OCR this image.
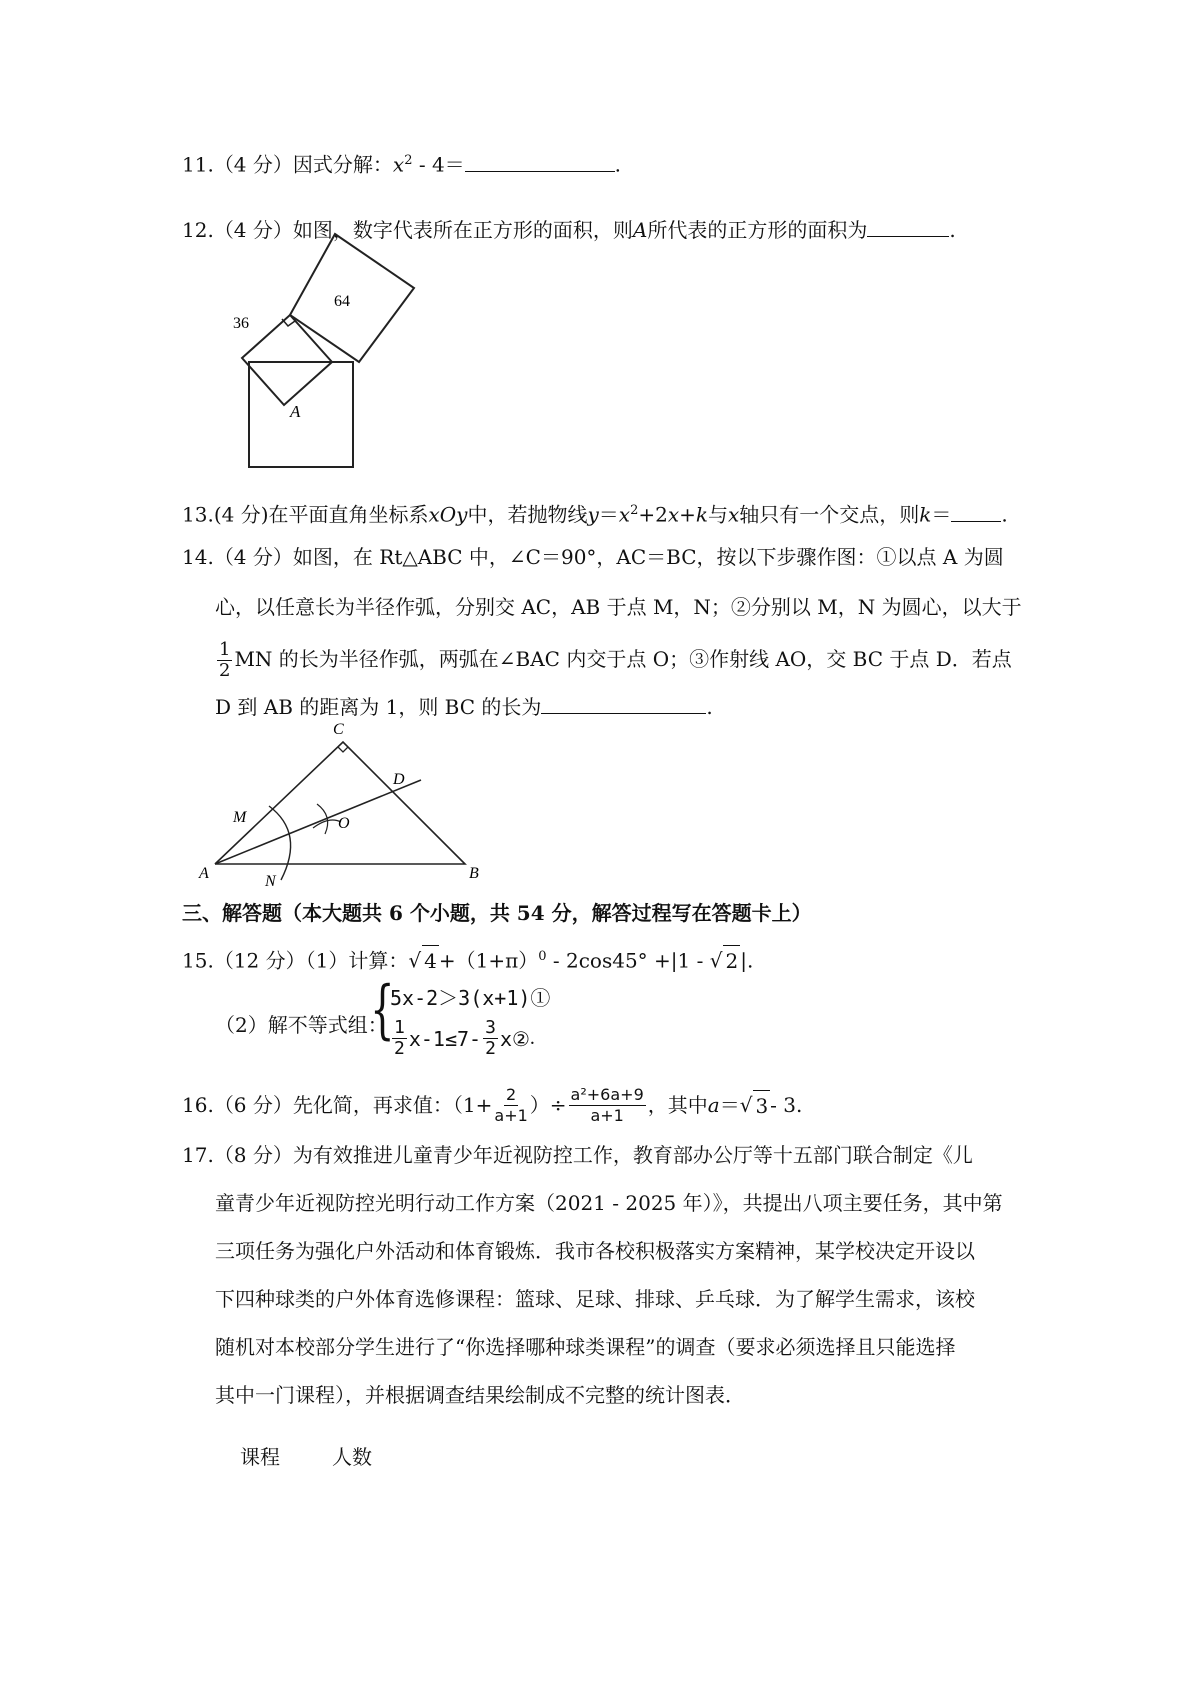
11.（4 分）因式分解：$x^2 - 4=$	.
12.（4 分）如图，数字代表所在正方形的面积，则A所代表的正方形的面积为	.
36
64
A
13.(4 分)在平面直角坐标系xOy中，若抛物线$y=x^2+2x+k$与x轴只有一个交点，则k＝	.
14.（4 分）如图，在 Rt△ABC 中，∠C＝90°，AC＝BC，按以下步骤作图：①以点 A 为圆
心，以任意长为半径作弧，分别交 AC，AB 于点 M，N；②分别以 M，N 为圆心，以大于
$\frac{1}{2}$ MN 的长为半径作弧，两弧在∠BAC 内交于点 O；③作射线 AO，交 BC 于点 D．若点
D 到 AB 的距离为 1，则 BC 的长为	.
C
D
M	O
A	N	B
三、解答题（本大题共 6 个小题，共 54 分，解答过程写在答题卡上）
15.（12 分）（1）计算：√ $4 +(1+\pi)^0 - 2\cos 45^\circ +|1$ - √ 2 |.
（2）解不等式组：
{
5x-2＞3(x+1)①
$\frac{1}{2} x-1\le 7- \frac{3}{2}$ x② .
16. （6 分） 先化简，再求值：（$1+ \frac{2}{a+1}$ ）÷ $\frac{\text{a²+6a+9}}{a+1}$ ，其中 a ＝ √ 3 - 3.
17.（8 分）为有效推进儿童青少年近视防控工作，教育部办公厅等十五部门联合制定《儿
童青少年近视防控光明行动工作方案（2021 - 2025 年）》，共提出八项主要任务，其中第
三项任务为强化户外活动和体育锻炼．我市各校积极落实方案精神，某学校决定开设以
下四种球类的户外体育选修课程：篮球、足球、排球、乒乓球．为了解学生需求，该校
随机对本校部分学生进行了“你选择哪种球类课程”的调查（要求必须选择且只能选择
其中一门课程），并根据调查结果绘制成不完整的统计图表．
课程	人数
